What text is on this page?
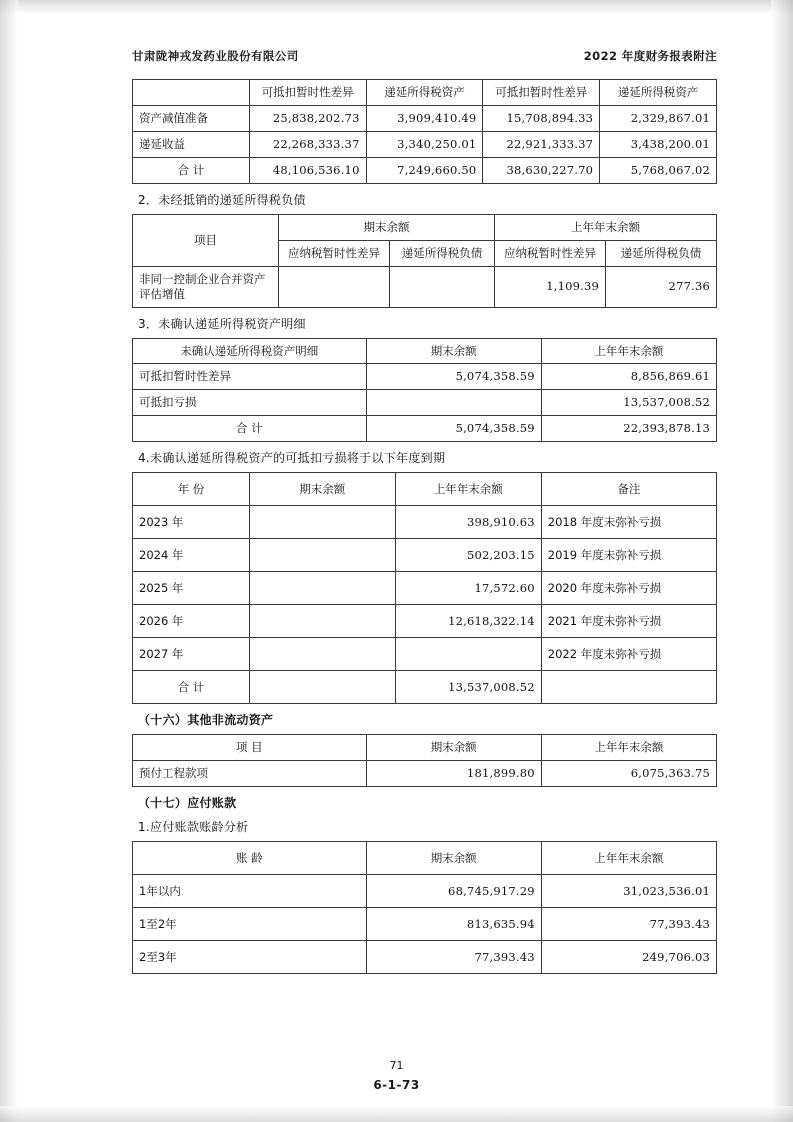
甘肃陇神戎发药业股份有限公司	2022 年度财务报表附注
	可抵扣暂时性差异	递延所得税资产	可抵扣暂时性差异	递延所得税资产
资产减值准备	25,838,202.73	3,909,410.49	15,708,894.33	2,329,867.01
递延收益	22,268,333.37	3,340,250.01	22,921,333.37	3,438,200.01
合 计	48,106,536.10	7,249,660.50	38,630,227.70	5,768,067.02
2．未经抵销的递延所得税负债
项目	期末余额		上年年末余额	
	应纳税暂时性差异	递延所得税负债	应纳税暂时性差异	递延所得税负债
非同一控制企业合并资产评估增值			1,109.39	277.36
3．未确认递延所得税资产明细
未确认递延所得税资产明细	期末余额	上年年末余额
可抵扣暂时性差异	5,074,358.59	8,856,869.61
可抵扣亏损		13,537,008.52
合 计	5,074,358.59	22,393,878.13
4.未确认递延所得税资产的可抵扣亏损将于以下年度到期
年 份	期末余额	上年年末余额	备注
2023 年		398,910.63	2018 年度未弥补亏损
2024 年		502,203.15	2019 年度未弥补亏损
2025 年		17,572.60	2020 年度未弥补亏损
2026 年		12,618,322.14	2021 年度未弥补亏损
2027 年			2022 年度未弥补亏损
合 计		13,537,008.52	
（十六）其他非流动资产
项 目	期末余额	上年年末余额
预付工程款项	181,899.80	6,075,363.75
（十七）应付账款
1.应付账款账龄分析
账 龄	期末余额	上年年末余额
1年以内	68,745,917.29	31,023,536.01
1至2年	813,635.94	77,393.43
2至3年	77,393.43	249,706.03
71
6-1-73
